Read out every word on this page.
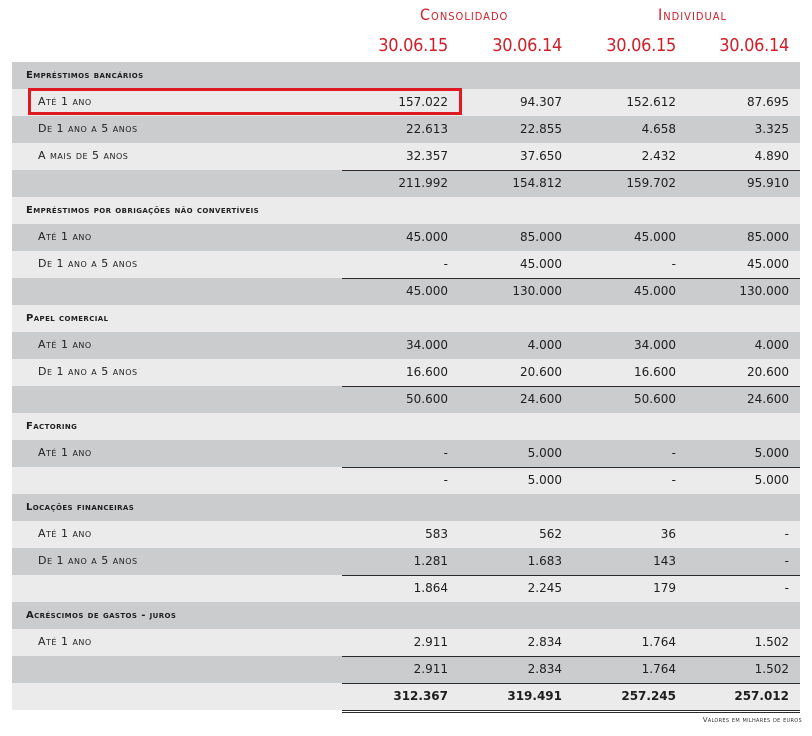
Consolidado	Individual
30.06.15	30.06.14	30.06.15	30.06.14
Empréstimos bancários
Até 1 ano	157.022	94.307	152.612	87.695
De 1 ano a 5 anos	22.613	22.855	4.658	3.325
A mais de 5 anos	32.357	37.650	2.432	4.890
211.992	154.812	159.702	95.910
Empréstimos por obrigações não convertíveis
Até 1 ano	45.000	85.000	45.000	85.000
De 1 ano a 5 anos	-	45.000	-	45.000
45.000	130.000	45.000	130.000
Papel comercial
Até 1 ano	34.000	4.000	34.000	4.000
De 1 ano a 5 anos	16.600	20.600	16.600	20.600
50.600	24.600	50.600	24.600
Factoring
Até 1 ano	-	5.000	-	5.000
-	5.000	-	5.000
Locações financeiras
Até 1 ano	583	562	36	-
De 1 ano a 5 anos	1.281	1.683	143	-
1.864	2.245	179	-
Acréscimos de gastos - juros
Até 1 ano	2.911	2.834	1.764	1.502
2.911	2.834	1.764	1.502
312.367	319.491	257.245	257.012
Valores em milhares de euros
